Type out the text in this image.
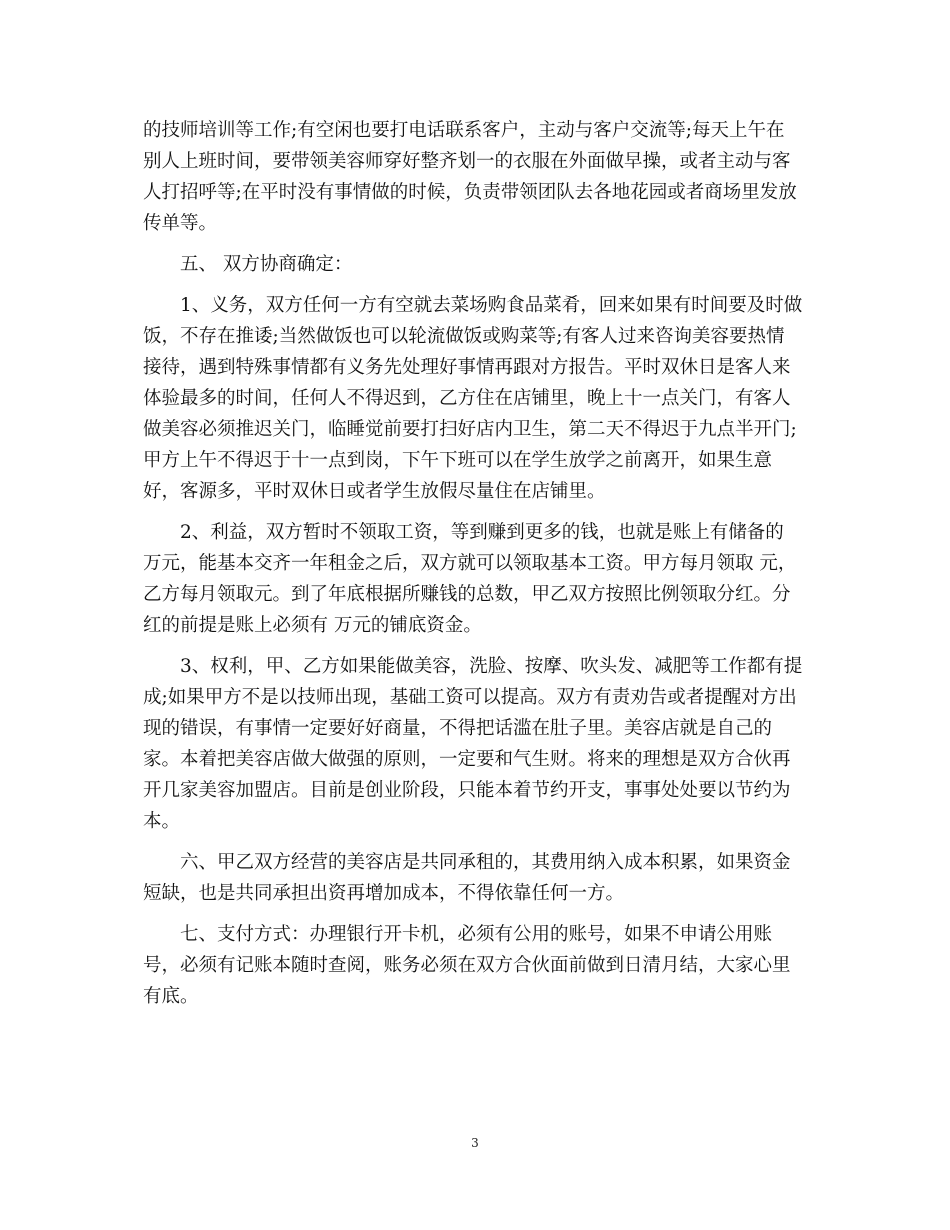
的技师培训等工作;有空闲也要打电话联系客户，主动与客户交流等;每天上午在
别人上班时间，要带领美容师穿好整齐划一的衣服在外面做早操，或者主动与客
人打招呼等;在平时没有事情做的时候，负责带领团队去各地花园或者商场里发放
传单等。
五、 双方协商确定：
1、义务，双方任何一方有空就去菜场购食品菜肴，回来如果有时间要及时做
饭，不存在推诿;当然做饭也可以轮流做饭或购菜等;有客人过来咨询美容要热情
接待，遇到特殊事情都有义务先处理好事情再跟对方报告。平时双休日是客人来
体验最多的时间，任何人不得迟到，乙方住在店铺里，晚上十一点关门，有客人
做美容必须推迟关门，临睡觉前要打扫好店内卫生，第二天不得迟于九点半开门;
甲方上午不得迟于十一点到岗，下午下班可以在学生放学之前离开，如果生意
好，客源多，平时双休日或者学生放假尽量住在店铺里。
2、利益，双方暂时不领取工资，等到赚到更多的钱，也就是账上有储备的
万元，能基本交齐一年租金之后，双方就可以领取基本工资。甲方每月领取 元，
乙方每月领取元。到了年底根据所赚钱的总数，甲乙双方按照比例领取分红。分
红的前提是账上必须有 万元的铺底资金。
3、权利，甲、乙方如果能做美容，洗脸、按摩、吹头发、减肥等工作都有提
成;如果甲方不是以技师出现，基础工资可以提高。双方有责劝告或者提醒对方出
现的错误，有事情一定要好好商量，不得把话滥在肚子里。美容店就是自己的
家。本着把美容店做大做强的原则，一定要和气生财。将来的理想是双方合伙再
开几家美容加盟店。目前是创业阶段，只能本着节约开支，事事处处要以节约为
本。
六、甲乙双方经营的美容店是共同承租的，其费用纳入成本积累，如果资金
短缺，也是共同承担出资再增加成本，不得依靠任何一方。
七、支付方式：办理银行开卡机，必须有公用的账号，如果不申请公用账
号，必须有记账本随时查阅，账务必须在双方合伙面前做到日清月结，大家心里
有底。
3
